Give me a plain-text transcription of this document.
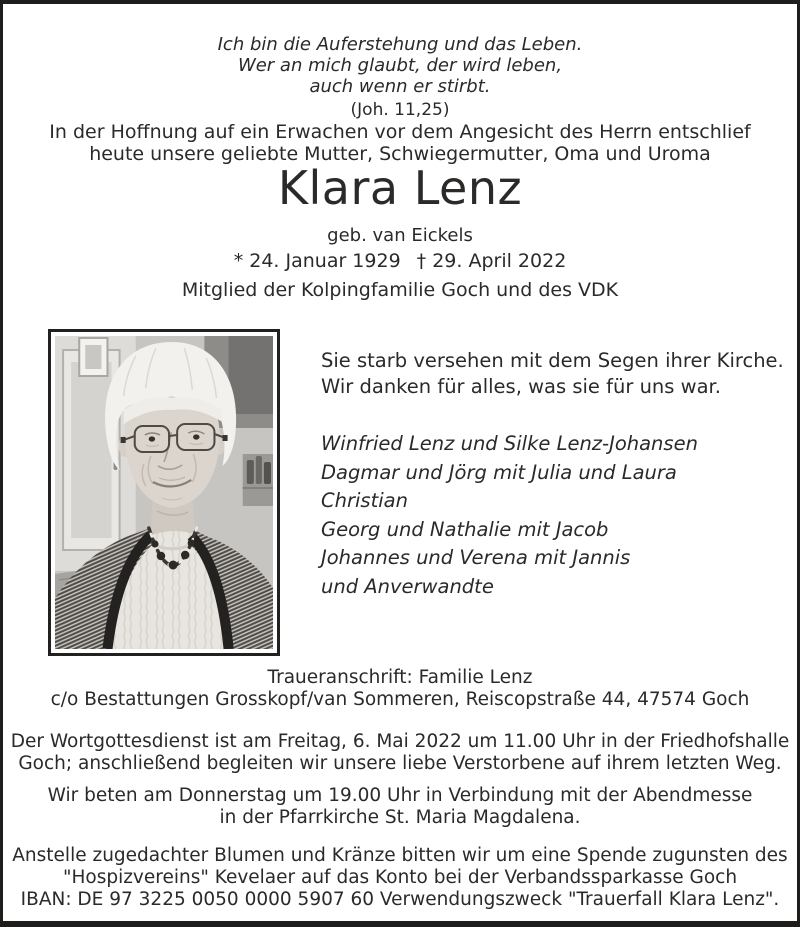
Ich bin die Auferstehung und das Leben.
Wer an mich glaubt, der wird leben,
auch wenn er stirbt.
(Joh. 11,25)
In der Hoffnung auf ein Erwachen vor dem Angesicht des Herrn entschlief
heute unsere geliebte Mutter, Schwiegermutter, Oma und Uroma
Klara Lenz
geb. van Eickels
* 24. Januar 1929 † 29. April 2022
Mitglied der Kolpingfamilie Goch und des VDK
Sie starb versehen mit dem Segen ihrer Kirche.
Wir danken für alles, was sie für uns war.
Winfried Lenz und Silke Lenz-Johansen
Dagmar und Jörg mit Julia und Laura
Christian
Georg und Nathalie mit Jacob
Johannes und Verena mit Jannis
und Anverwandte
Traueranschrift: Familie Lenz
c/o Bestattungen Grosskopf/van Sommeren, Reiscopstraße 44, 47574 Goch
Der Wortgottesdienst ist am Freitag, 6. Mai 2022 um 11.00 Uhr in der Friedhofshalle
Goch; anschließend begleiten wir unsere liebe Verstorbene auf ihrem letzten Weg.
Wir beten am Donnerstag um 19.00 Uhr in Verbindung mit der Abendmesse
in der Pfarrkirche St. Maria Magdalena.
Anstelle zugedachter Blumen und Kränze bitten wir um eine Spende zugunsten des
"Hospizvereins" Kevelaer auf das Konto bei der Verbandssparkasse Goch
IBAN: DE 97 3225 0050 0000 5907 60 Verwendungszweck "Trauerfall Klara Lenz".
